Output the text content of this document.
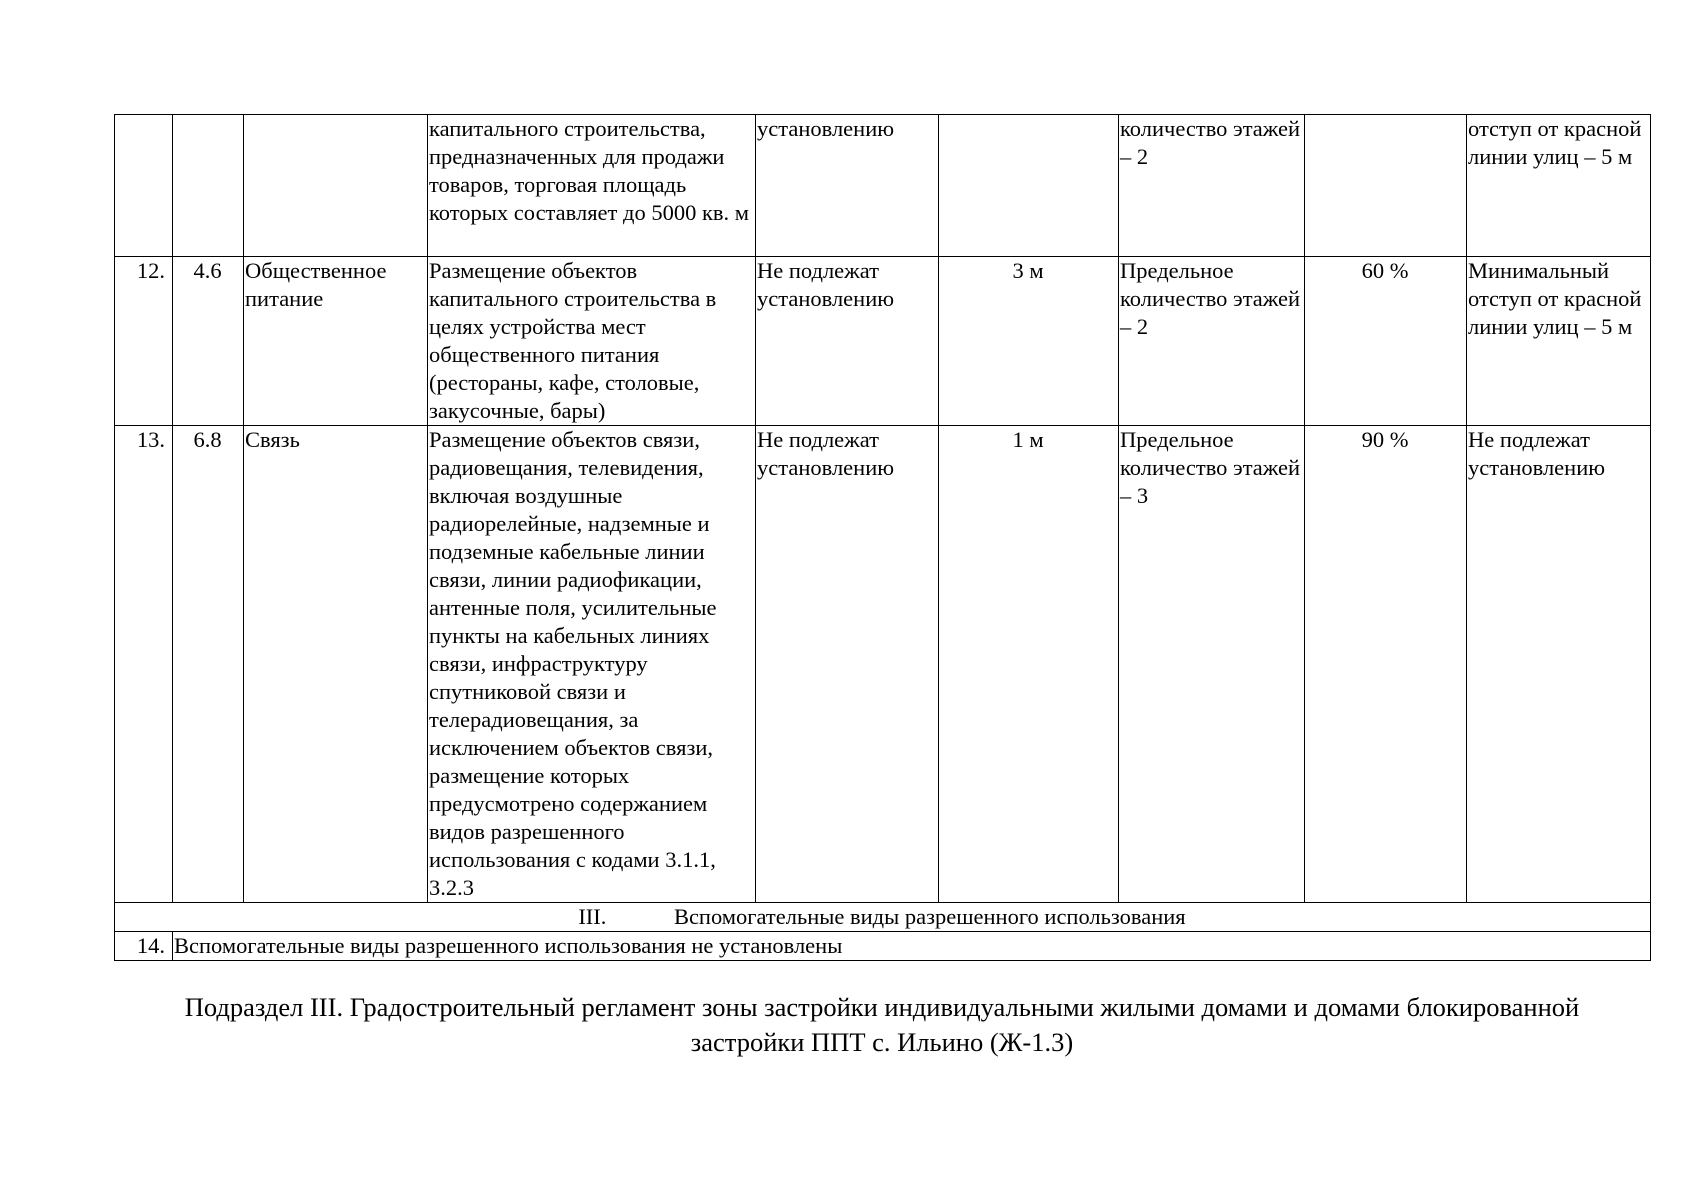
			капитального строительства, предназначенных для продажи товаров, торговая площадь которых составляет до 5000 кв. м	установлению		количество этажей – 2		отступ от красной линии улиц – 5 м
12.	4.6	Общественное питание	Размещение объектов капитального строительства в целях устройства мест общественного питания (рестораны, кафе, столовые, закусочные, бары)	Не подлежат установлению	3 м	Предельное количество этажей – 2	60 %	Минимальный отступ от красной линии улиц – 5 м
13.	6.8	Связь	Размещение объектов связи, радиовещания, телевидения, включая воздушные радиорелейные, надземные и подземные кабельные линии связи, линии радиофикации, антенные поля, усилительные пункты на кабельных линиях связи, инфраструктуру спутниковой связи и телерадиовещания, за исключением объектов связи, размещение которых предусмотрено содержанием видов разрешенного использования с кодами 3.1.1, 3.2.3	Не подлежат установлению	1 м	Предельное количество этажей – 3	90 %	Не подлежат установлению
III. Вспомогательные виды разрешенного использования								
14.	Вспомогательные виды разрешенного использования не установлены							
Подраздел III. Градостроительный регламент зоны застройки индивидуальными жилыми домами и домами блокированной
застройки ППТ с. Ильино (Ж-1.3)
